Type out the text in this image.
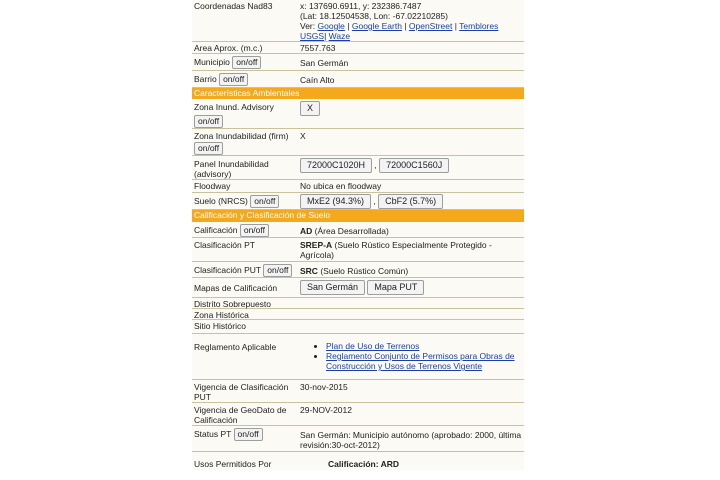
Coordenadas Nad83	x: 137690.6911, y: 232386.7487
(Lat: 18.12504538, Lon: -67.02210285)
Ver: Google | Google Earth | OpenStreet | Temblores USGS| Waze
Area Aprox. (m.c.)	7557.763
Municipio on/off	San Germán
Barrio on/off	Caín Alto
Características Ambientales
Zona Inund. Advisory
on/off
X
Zona Inundabilidad (firm)
on/off
X
Panel Inundabilidad (advisory)
72000C1020H , 72000C1560J
Floodway	No ubica en floodway
Suelo (NRCS) on/off	MxE2 (94.3%) , CbF2 (5.7%)
Calificación y Clasificación de Suelo
Calificación on/off	AD (Área Desarrollada)
Clasificación PT	SREP-A (Suelo Rústico Especialmente Protegido - Agrícola)
Clasificación PUT on/off	SRC (Suelo Rústico Común)
Mapas de Calificación	San Germán Mapa PUT
Distrito Sobrepuesto
Zona Histórica
Sitio Histórico
Reglamento Aplicable
•	Plan de Uso de Terrenos
• Reglamento Conjunto de Permisos para Obras de Construcción y Usos de Terrenos Vigente
Vigencia de Clasificación PUT
30-nov-2015
Vigencia de GeoDato de Calificación
29-NOV-2012
Status PT on/off	San Germán: Municipio autónomo (aprobado: 2000, última revisión:30-oct-2012)
Usos Permitidos Por	Calificación: ARD
